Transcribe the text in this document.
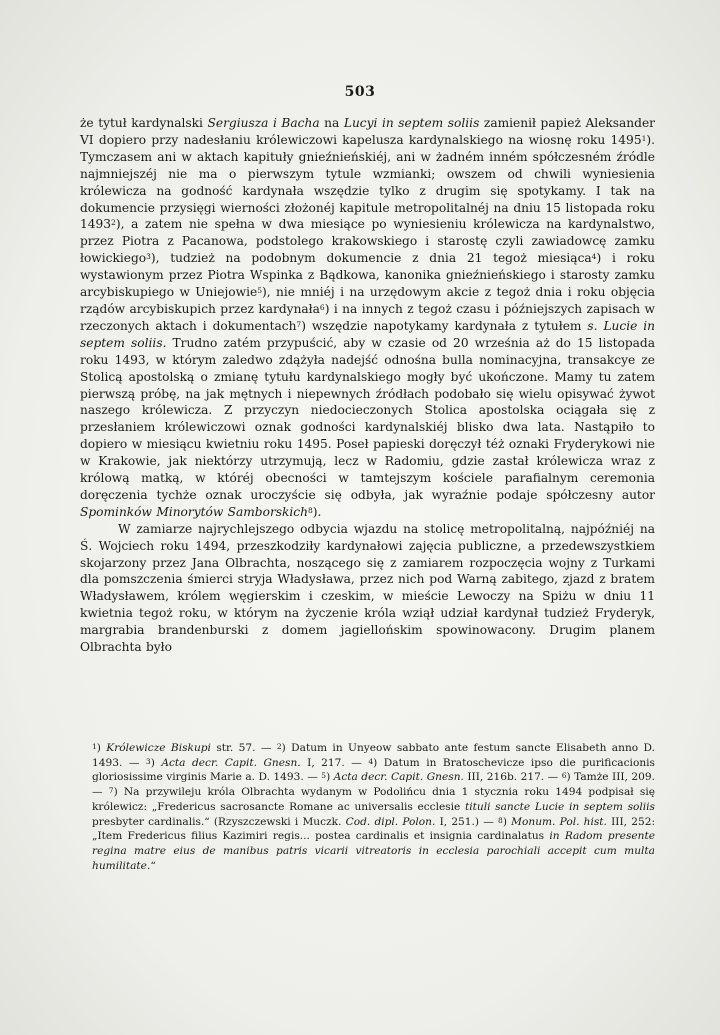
503

że tytuł kardynalski Sergiusza i Bacha na Lucyi in septem soliis zamienił papież Aleksander VI dopiero przy nadesłaniu królewiczowi kapelusza kardynalskiego na wiosnę roku 1495$^1$). Tymczasem ani w aktach kapituły gnieźnieńskiéj, ani w żadném inném spółczesném źródle najmniejszéj nie ma o pierwszym tytule wzmianki; owszem od chwili wyniesienia królewicza na godność kardynała wszędzie tylko z drugim się spotykamy. I tak na dokumencie przysięgi wierności złożonéj kapitule metropolitalnéj na dniu 15 listopada roku 1493$^2$), a zatem nie spełna w dwa miesiące po wyniesieniu królewicza na kardynalstwo, przez Piotra z Pacanowa, podstolego krakowskiego i starostę czyli zawiadowcę zamku łowickiego$^3$), tudzież na podobnym dokumencie z dnia 21 tegoż miesiąca$^4$) i roku wystawionym przez Piotra Wspinka z Bądkowa, kanonika gnieźnieńskiego i starosty zamku arcybiskupiego w Uniejowie$^5$), nie mniéj i na urzędowym akcie z tegoż dnia i roku objęcia rządów arcybiskupich przez kardynała$^6$) i na innych z tegoż czasu i późniejszych zapisach w rzeczonych aktach i dokumentach$^7$) wszędzie napotykamy kardynała z tytułem s. Lucie in septem soliis. Trudno zatém przypuścić, aby w czasie od 20 września aż do 15 listopada roku 1493, w którym zaledwo zdążyła nadejść odnośna bulla nominacyjna, transakcye ze Stolicą apostolską o zmianę tytułu kardynalskiego mogły być ukończone. Mamy tu zatem pierwszą próbę, na jak mętnych i niepewnych źródłach podobało się wielu opisywać żywot naszego królewicza. Z przyczyn niedocieczonych Stolica apostolska ociągała się z przesłaniem królewiczowi oznak godności kardynalskiéj blisko dwa lata. Nastąpiło to dopiero w miesiącu kwietniu roku 1495. Poseł papieski doręczył téż oznaki Fryderykowi nie w Krakowie, jak niektórzy utrzymują, lecz w Radomiu, gdzie zastał królewicza wraz z królową matką, w któréj obecności w tamtejszym kościele parafialnym ceremonia doręczenia tychże oznak uroczyście się odbyła, jak wyraźnie podaje spółczesny autor Spominków Minorytów Samborskich$^8$).

W zamiarze najrychlejszego odbycia wjazdu na stolicę metropolitalną, najpóźniéj na Ś. Wojciech roku 1494, przeszkodziły kardynałowi zajęcia publiczne, a przedewszystkiem skojarzony przez Jana Olbrachta, noszącego się z zamiarem rozpoczęcia wojny z Turkami dla pomszczenia śmierci stryja Władysława, przez nich pod Warną zabitego, zjazd z bratem Władysławem, królem węgierskim i czeskim, w mieście Lewoczy na Spiżu w dniu 11 kwietnia tegoż roku, w którym na życzenie króla wziął udział kardynał tudzież Fryderyk, margrabia brandenburski z domem jagiellońskim spowinowacony. Drugim planem Olbrachta było

$^1$) Królewicze Biskupi str. 57. — $^2$) Datum in Unyeow sabbato ante festum sancte Elisabeth anno D. 1493. — $^3$) Acta decr. Capit. Gnesn. I, 217. — $^4$) Datum in Bratoschevicze ipso die purificacionis gloriosissime virginis Marie a. D. 1493. — $^5$) Acta decr. Capit. Gnesn. III, 216b. 217. — $^6$) Tamże III, 209. — $^7$) Na przywileju króla Olbrachta wydanym w Podolińcu dnia 1 stycznia roku 1494 podpisał się królewicz: „Fredericus sacrosancte Romane ac universalis ecclesie tituli sancte Lucie in septem soliis presbyter cardinalis.“ (Rzyszczewski i Muczk. Cod. dipl. Polon. I, 251.) — $^8$) Monum. Pol. hist. III, 252: „Item Fredericus filius Kazimiri regis... postea cardinalis et insignia cardinalatus in Radom presente regina matre eius de manibus patris vicarii vitreatoris in ecclesia parochiali accepit cum multa humilitate.“
